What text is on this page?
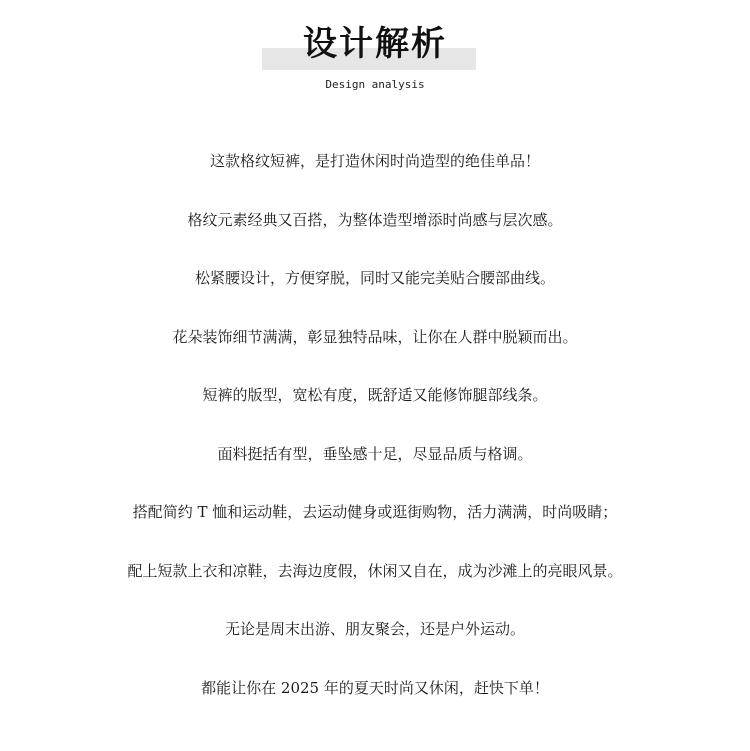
设计解析
Design analysis
这款格纹短裤，是打造休闲时尚造型的绝佳单品！
格纹元素经典又百搭，为整体造型增添时尚感与层次感。
松紧腰设计，方便穿脱，同时又能完美贴合腰部曲线。
花朵装饰细节满满，彰显独特品味，让你在人群中脱颖而出。
短裤的版型，宽松有度，既舒适又能修饰腿部线条。
面料挺括有型，垂坠感十足，尽显品质与格调。
搭配简约 T 恤和运动鞋，去运动健身或逛街购物，活力满满，时尚吸睛；
配上短款上衣和凉鞋，去海边度假，休闲又自在，成为沙滩上的亮眼风景。
无论是周末出游、朋友聚会，还是户外运动。
都能让你在 2025 年的夏天时尚又休闲，赶快下单！
